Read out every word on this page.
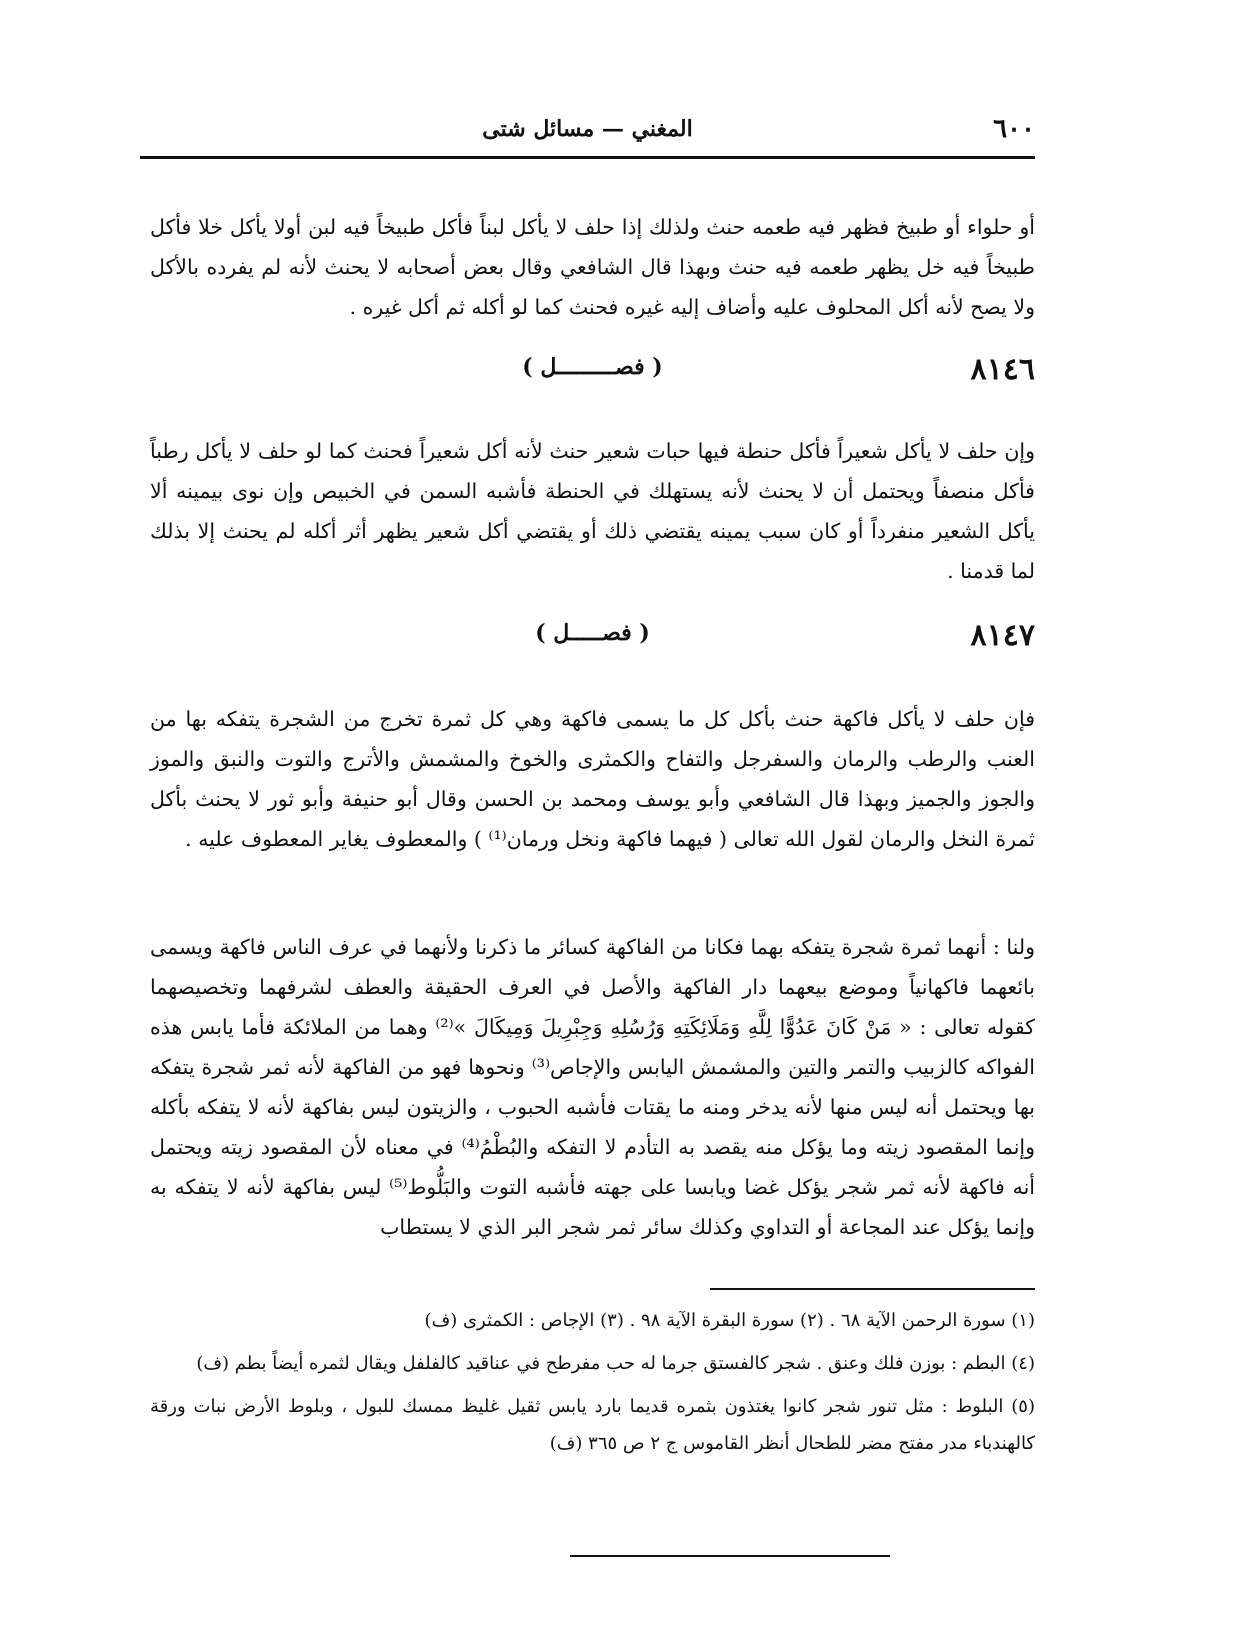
٦٠٠
المغني — مسائل شتى

أو حلواء أو طبيخ فظهر فيه طعمه حنث ولذلك إذا حلف لا يأكل لبناً فأكل طبيخاً فيه لبن أولا يأكل خلا فأكل طبيخاً فيه خل يظهر طعمه فيه حنث وبهذا قال الشافعي وقال بعض أصحابه لا يحنث لأنه لم يفرده بالأكل ولا يصح لأنه أكل المحلوف عليه وأضاف إليه غيره فحنث كما لو أكله ثم أكل غيره .

٨١٤٦
( فصـــــــــل )

وإن حلف لا يأكل شعيراً فأكل حنطة فيها حبات شعير حنث لأنه أكل شعيراً فحنث كما لو حلف لا يأكل رطباً فأكل منصفاً ويحتمل أن لا يحنث لأنه يستهلك في الحنطة فأشبه السمن في الخبيص وإن نوى بيمينه ألا يأكل الشعير منفرداً أو كان سبب يمينه يقتضي ذلك أو يقتضي أكل شعير يظهر أثر أكله لم يحنث إلا بذلك لما قدمنا .

٨١٤٧
( فصـــــل )

فإن حلف لا يأكل فاكهة حنث بأكل كل ما يسمى فاكهة وهي كل ثمرة تخرج من الشجرة يتفكه بها من العنب والرطب والرمان والسفرجل والتفاح والكمثرى والخوخ والمشمش والأترج والتوت والنبق والموز والجوز والجميز وبهذا قال الشافعي وأبو يوسف ومحمد بن الحسن وقال أبو حنيفة وأبو ثور لا يحنث بأكل ثمرة النخل والرمان لقول الله تعالى ( فيهما فاكهة ونخل ورمان⁽¹⁾ ) والمعطوف يغاير المعطوف عليه .

ولنا : أنهما ثمرة شجرة يتفكه بهما فكانا من الفاكهة كسائر ما ذكرنا ولأنهما في عرف الناس فاكهة ويسمى بائعهما فاكهانياً وموضع بيعهما دار الفاكهة والأصل في العرف الحقيقة والعطف لشرفهما وتخصيصهما كقوله تعالى : « مَنْ كَانَ عَدُوًّا لِلَّهِ وَمَلَائِكَتِهِ وَرُسُلِهِ وَجِبْرِيلَ وَمِيكَالَ »⁽²⁾ وهما من الملائكة فأما يابس هذه الفواكه كالزبيب والتمر والتين والمشمش اليابس والإجاص⁽³⁾ ونحوها فهو من الفاكهة لأنه ثمر شجرة يتفكه بها ويحتمل أنه ليس منها لأنه يدخر ومنه ما يقتات فأشبه الحبوب ، والزيتون ليس بفاكهة لأنه لا يتفكه بأكله وإنما المقصود زيته وما يؤكل منه يقصد به التأدم لا التفكه والبُطْمُ⁽⁴⁾ في معناه لأن المقصود زيته ويحتمل أنه فاكهة لأنه ثمر شجر يؤكل غضا ويابسا على جهته فأشبه التوت والبَلُّوط⁽⁵⁾ ليس بفاكهة لأنه لا يتفكه به وإنما يؤكل عند المجاعة أو التداوي وكذلك سائر ثمر شجر البر الذي لا يستطاب

(١) سورة الرحمن الآية ٦٨ . (٢) سورة البقرة الآية ٩٨ . (٣) الإجاص : الكمثرى (ف)

(٤) البطم : بوزن فلك وعنق . شجر كالفستق جرما له حب مفرطح في عناقيد كالفلفل ويقال لثمره أيضاً بطم (ف)

(٥) البلوط : مثل تنور شجر كانوا يغتذون بثمره قديما بارد يابس ثقيل غليظ ممسك للبول ، وبلوط الأرض نبات ورقة كالهندباء مدر مفتح مضر للطحال أنظر القاموس ج ٢ ص ٣٦٥ (ف)
